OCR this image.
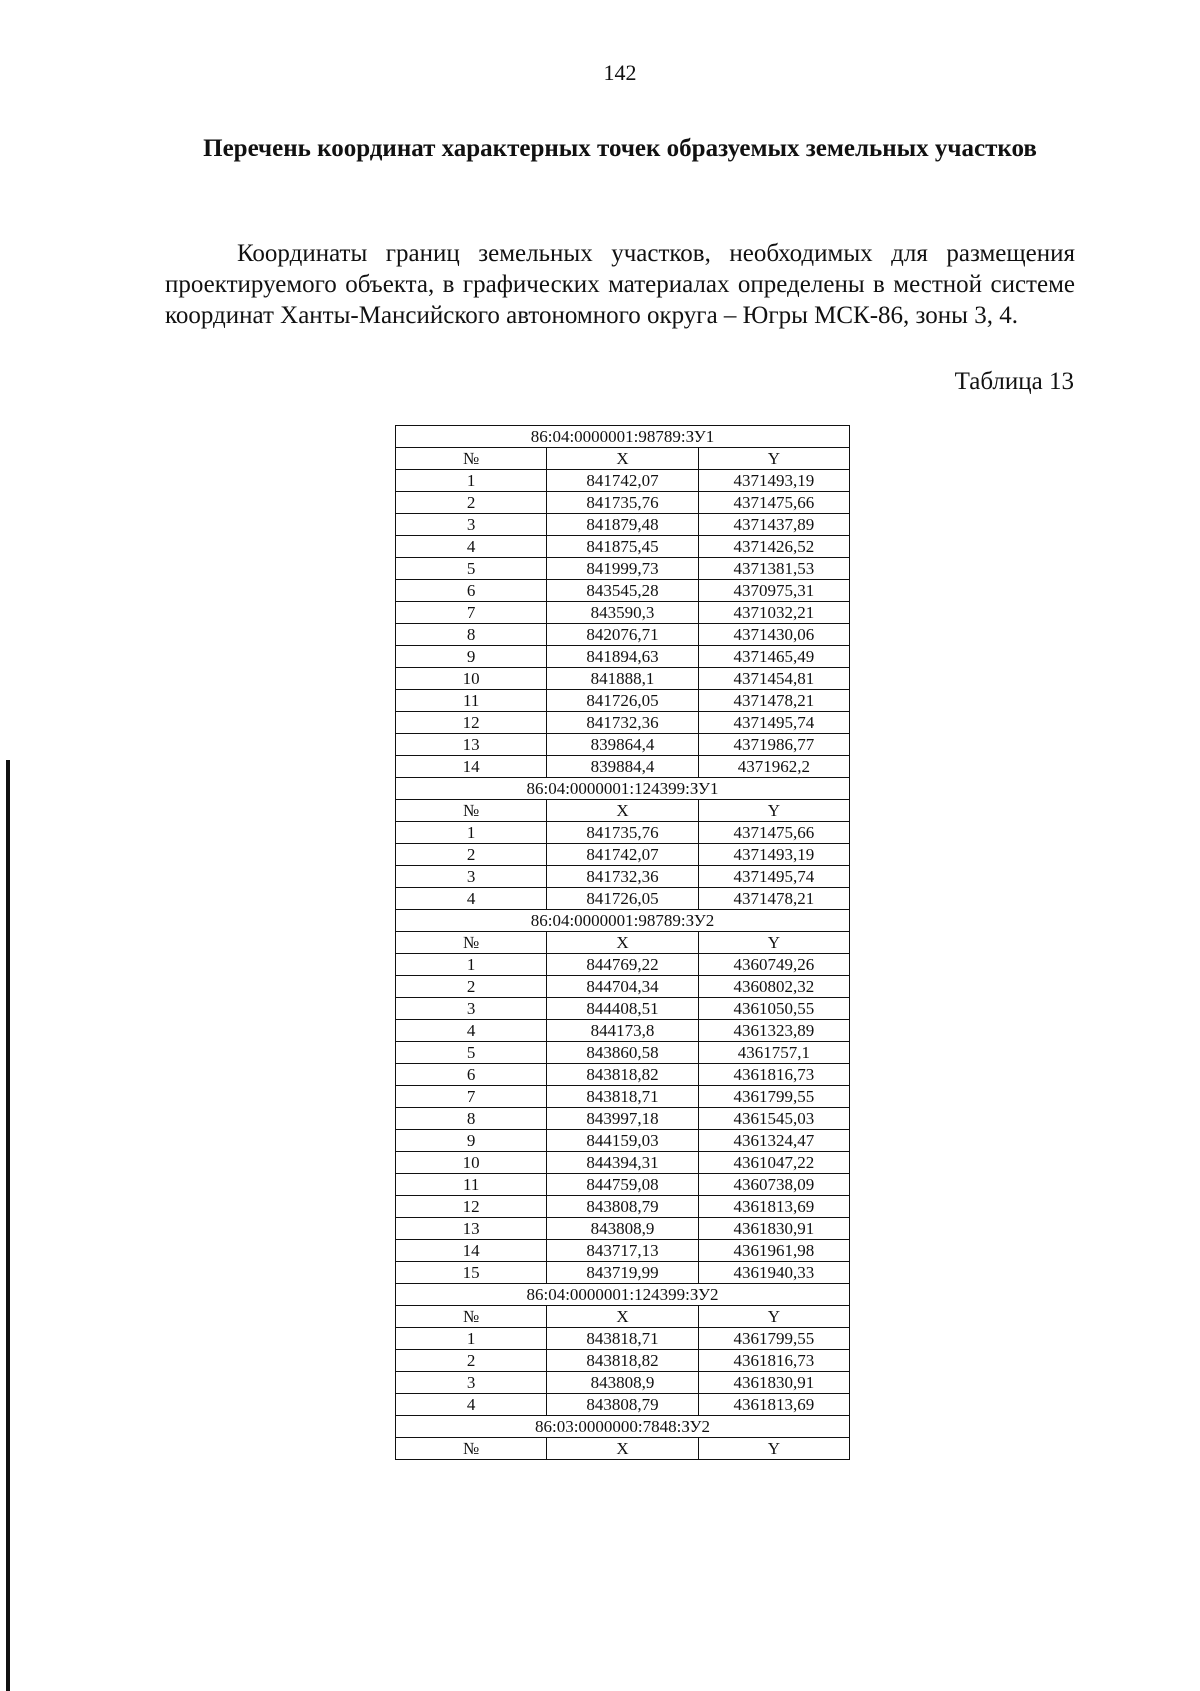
142
Перечень координат характерных точек образуемых земельных участков
Координаты границ земельных участков, необходимых для размещения проектируемого объекта, в графических материалах определены в местной системе координат Ханты-Мансийского автономного округа – Югры МСК-86, зоны 3, 4.
Таблица 13
86:04:0000001:98789:ЗУ1		
№	X	Y
1	841742,07	4371493,19
2	841735,76	4371475,66
3	841879,48	4371437,89
4	841875,45	4371426,52
5	841999,73	4371381,53
6	843545,28	4370975,31
7	843590,3	4371032,21
8	842076,71	4371430,06
9	841894,63	4371465,49
10	841888,1	4371454,81
11	841726,05	4371478,21
12	841732,36	4371495,74
13	839864,4	4371986,77
14	839884,4	4371962,2
86:04:0000001:124399:ЗУ1		
№	X	Y
1	841735,76	4371475,66
2	841742,07	4371493,19
3	841732,36	4371495,74
4	841726,05	4371478,21
86:04:0000001:98789:ЗУ2		
№	X	Y
1	844769,22	4360749,26
2	844704,34	4360802,32
3	844408,51	4361050,55
4	844173,8	4361323,89
5	843860,58	4361757,1
6	843818,82	4361816,73
7	843818,71	4361799,55
8	843997,18	4361545,03
9	844159,03	4361324,47
10	844394,31	4361047,22
11	844759,08	4360738,09
12	843808,79	4361813,69
13	843808,9	4361830,91
14	843717,13	4361961,98
15	843719,99	4361940,33
86:04:0000001:124399:ЗУ2		
№	X	Y
1	843818,71	4361799,55
2	843818,82	4361816,73
3	843808,9	4361830,91
4	843808,79	4361813,69
86:03:0000000:7848:ЗУ2		
№	X	Y
